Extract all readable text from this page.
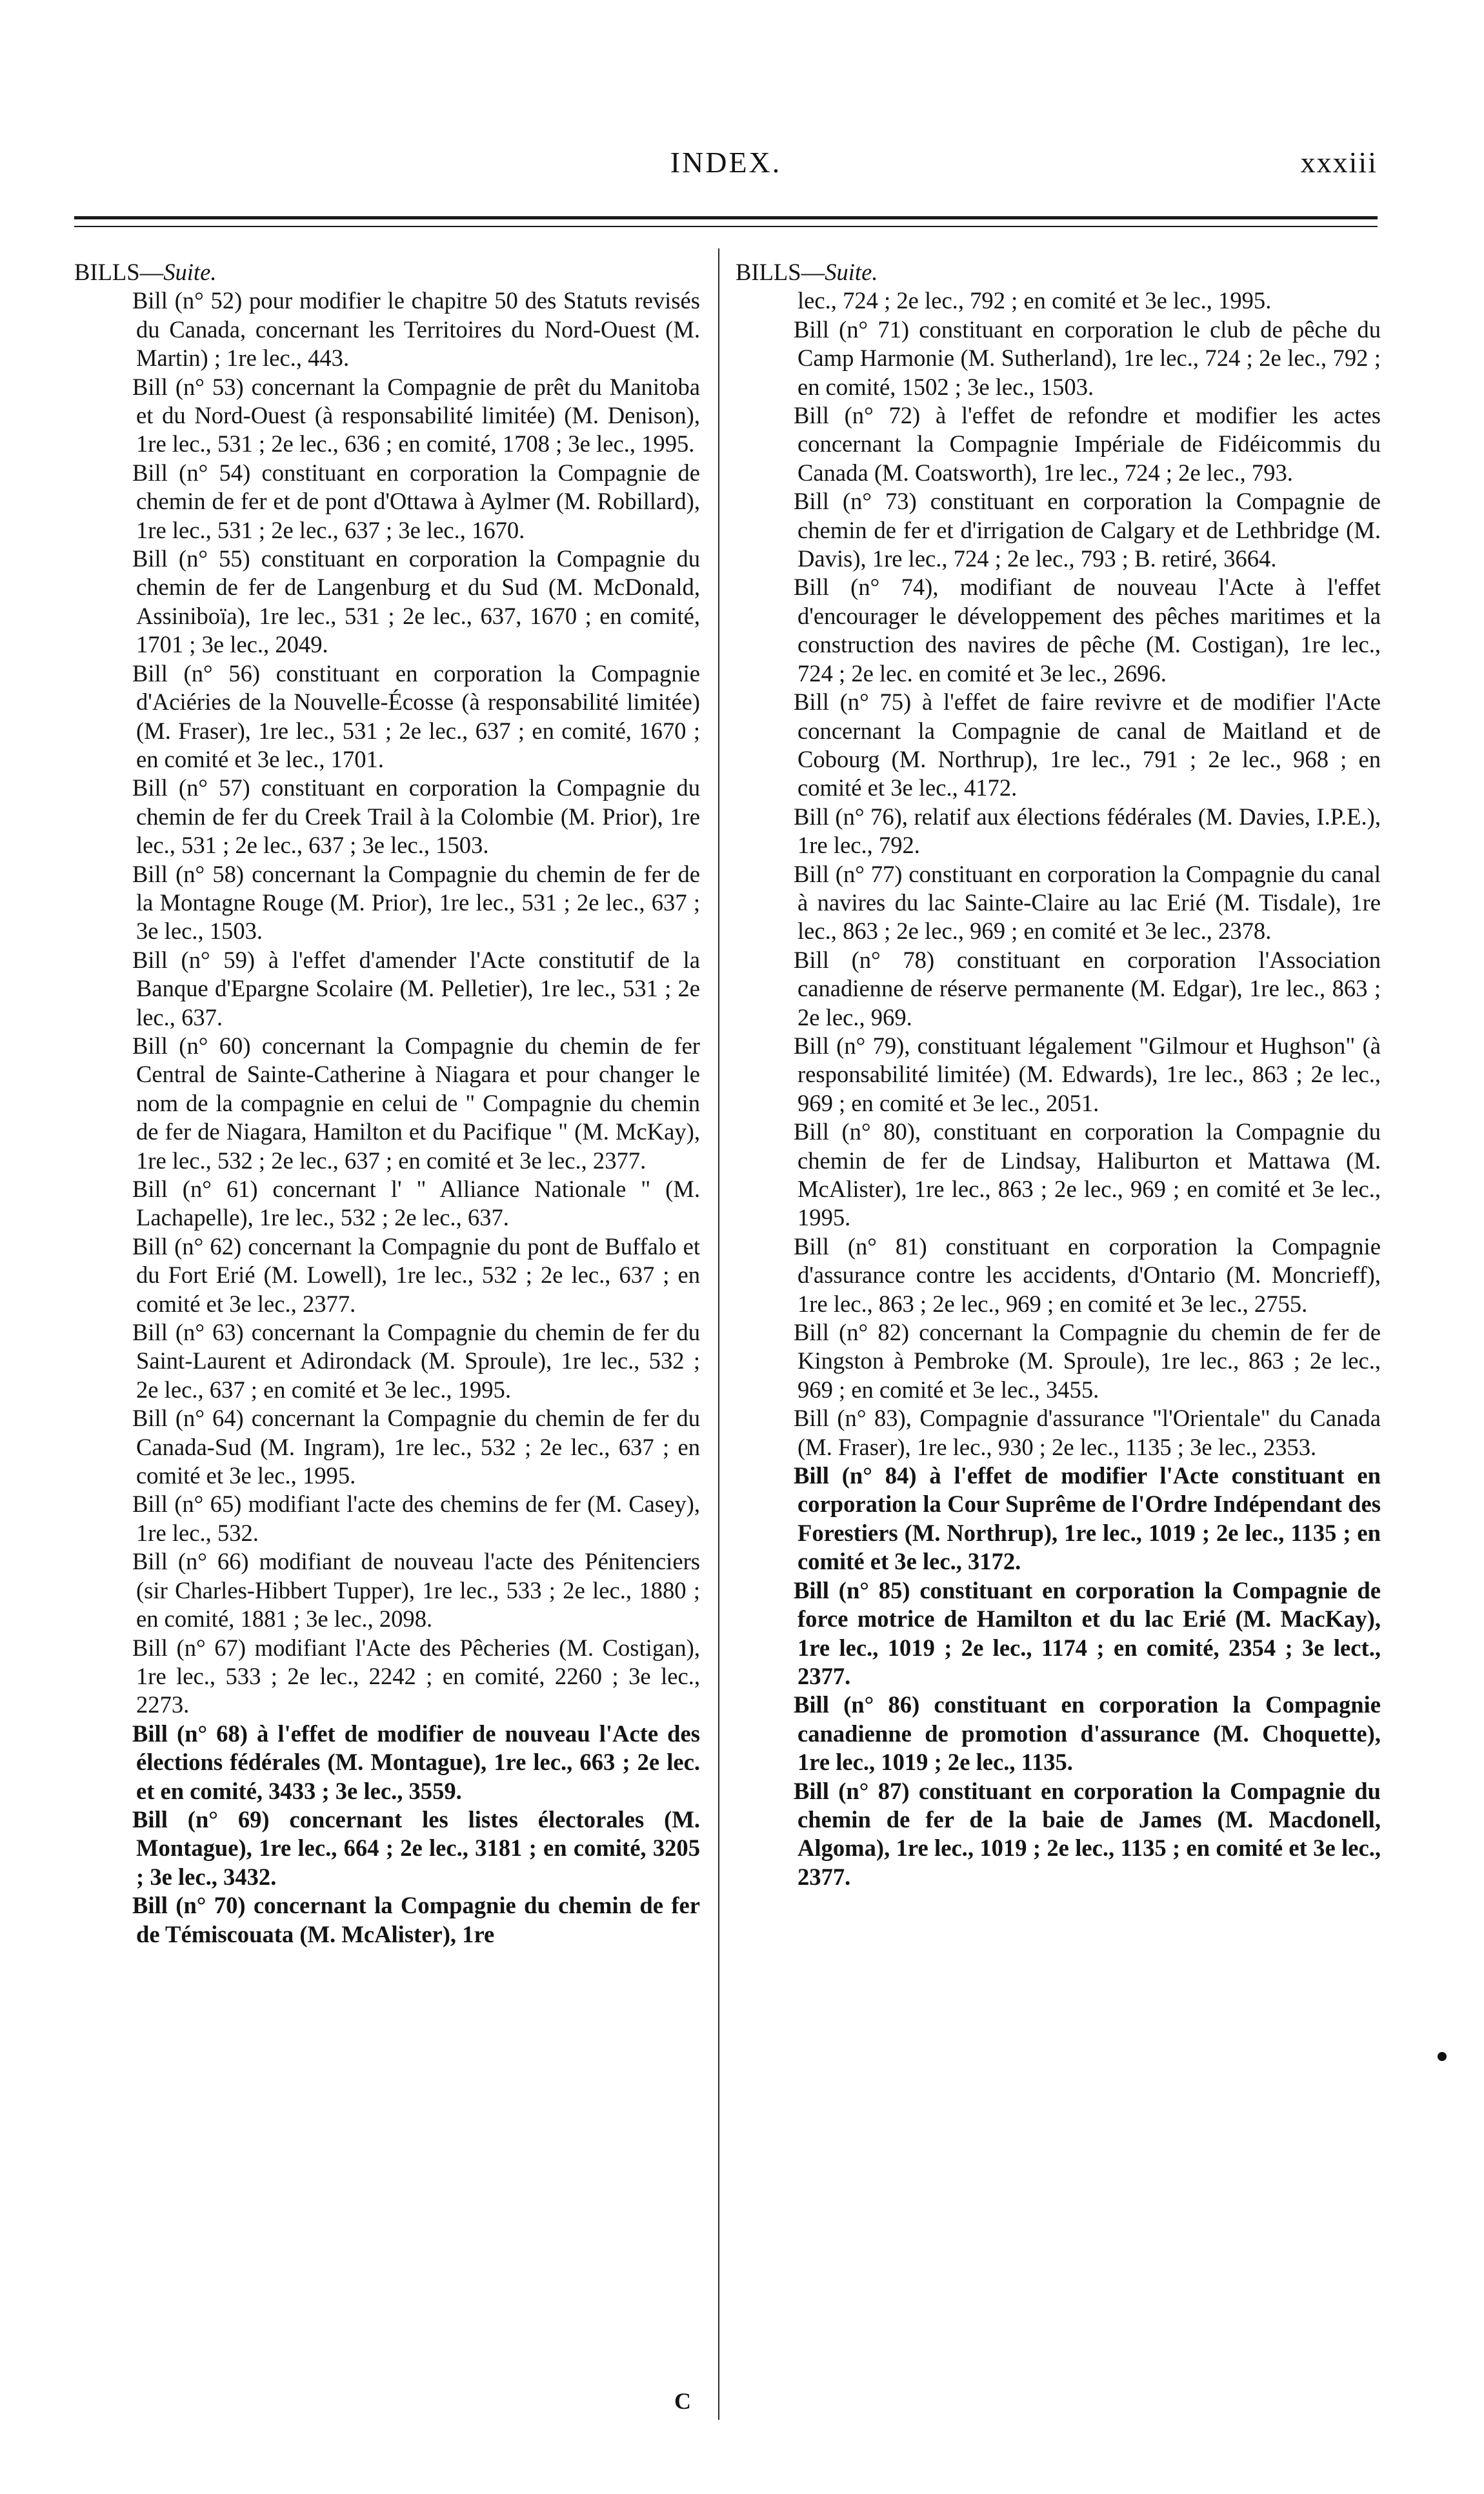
INDEX.	xxxiii

BILLS—Suite.

Bill (n° 52) pour modifier le chapitre 50 des Statuts revisés du Canada, concernant les Territoires du Nord-Ouest (M. Martin) ; 1re lec., 443.

Bill (n° 53) concernant la Compagnie de prêt du Manitoba et du Nord-Ouest (à responsabilité limitée) (M. Denison), 1re lec., 531 ; 2e lec., 636 ; en comité, 1708 ; 3e lec., 1995.

Bill (n° 54) constituant en corporation la Compagnie de chemin de fer et de pont d'Ottawa à Aylmer (M. Robillard), 1re lec., 531 ; 2e lec., 637 ; 3e lec., 1670.

Bill (n° 55) constituant en corporation la Compagnie du chemin de fer de Langenburg et du Sud (M. McDonald, Assiniboïa), 1re lec., 531 ; 2e lec., 637, 1670 ; en comité, 1701 ; 3e lec., 2049.

Bill (n° 56) constituant en corporation la Compagnie d'Aciéries de la Nouvelle-Écosse (à responsabilité limitée) (M. Fraser), 1re lec., 531 ; 2e lec., 637 ; en comité, 1670 ; en comité et 3e lec., 1701.

Bill (n° 57) constituant en corporation la Compagnie du chemin de fer du Creek Trail à la Colombie (M. Prior), 1re lec., 531 ; 2e lec., 637 ; 3e lec., 1503.

Bill (n° 58) concernant la Compagnie du chemin de fer de la Montagne Rouge (M. Prior), 1re lec., 531 ; 2e lec., 637 ; 3e lec., 1503.

Bill (n° 59) à l'effet d'amender l'Acte constitutif de la Banque d'Epargne Scolaire (M. Pelletier), 1re lec., 531 ; 2e lec., 637.

Bill (n° 60) concernant la Compagnie du chemin de fer Central de Sainte-Catherine à Niagara et pour changer le nom de la compagnie en celui de " Compagnie du chemin de fer de Niagara, Hamilton et du Pacifique " (M. McKay), 1re lec., 532 ; 2e lec., 637 ; en comité et 3e lec., 2377.

Bill (n° 61) concernant l' " Alliance Nationale " (M. Lachapelle), 1re lec., 532 ; 2e lec., 637.

Bill (n° 62) concernant la Compagnie du pont de Buffalo et du Fort Erié (M. Lowell), 1re lec., 532 ; 2e lec., 637 ; en comité et 3e lec., 2377.

Bill (n° 63) concernant la Compagnie du chemin de fer du Saint-Laurent et Adirondack (M. Sproule), 1re lec., 532 ; 2e lec., 637 ; en comité et 3e lec., 1995.

Bill (n° 64) concernant la Compagnie du chemin de fer du Canada-Sud (M. Ingram), 1re lec., 532 ; 2e lec., 637 ; en comité et 3e lec., 1995.

Bill (n° 65) modifiant l'acte des chemins de fer (M. Casey), 1re lec., 532.

Bill (n° 66) modifiant de nouveau l'acte des Pénitenciers (sir Charles-Hibbert Tupper), 1re lec., 533 ; 2e lec., 1880 ; en comité, 1881 ; 3e lec., 2098.

Bill (n° 67) modifiant l'Acte des Pêcheries (M. Costigan), 1re lec., 533 ; 2e lec., 2242 ; en comité, 2260 ; 3e lec., 2273.

Bill (n° 68) à l'effet de modifier de nouveau l'Acte des élections fédérales (M. Montague), 1re lec., 663 ; 2e lec. et en comité, 3433 ; 3e lec., 3559.

Bill (n° 69) concernant les listes électorales (M. Montague), 1re lec., 664 ; 2e lec., 3181 ; en comité, 3205 ; 3e lec., 3432.

Bill (n° 70) concernant la Compagnie du chemin de fer de Témiscouata (M. McAlister), 1re

BILLS—Suite.

lec., 724 ; 2e lec., 792 ; en comité et 3e lec., 1995.

Bill (n° 71) constituant en corporation le club de pêche du Camp Harmonie (M. Sutherland), 1re lec., 724 ; 2e lec., 792 ; en comité, 1502 ; 3e lec., 1503.

Bill (n° 72) à l'effet de refondre et modifier les actes concernant la Compagnie Impériale de Fidéicommis du Canada (M. Coatsworth), 1re lec., 724 ; 2e lec., 793.

Bill (n° 73) constituant en corporation la Compagnie de chemin de fer et d'irrigation de Calgary et de Lethbridge (M. Davis), 1re lec., 724 ; 2e lec., 793 ; B. retiré, 3664.

Bill (n° 74), modifiant de nouveau l'Acte à l'effet d'encourager le développement des pêches maritimes et la construction des navires de pêche (M. Costigan), 1re lec., 724 ; 2e lec. en comité et 3e lec., 2696.

Bill (n° 75) à l'effet de faire revivre et de modifier l'Acte concernant la Compagnie de canal de Maitland et de Cobourg (M. Northrup), 1re lec., 791 ; 2e lec., 968 ; en comité et 3e lec., 4172.

Bill (n° 76), relatif aux élections fédérales (M. Davies, I.P.E.), 1re lec., 792.

Bill (n° 77) constituant en corporation la Compagnie du canal à navires du lac Sainte-Claire au lac Erié (M. Tisdale), 1re lec., 863 ; 2e lec., 969 ; en comité et 3e lec., 2378.

Bill (n° 78) constituant en corporation l'Association canadienne de réserve permanente (M. Edgar), 1re lec., 863 ; 2e lec., 969.

Bill (n° 79), constituant légalement "Gilmour et Hughson" (à responsabilité limitée) (M. Edwards), 1re lec., 863 ; 2e lec., 969 ; en comité et 3e lec., 2051.

Bill (n° 80), constituant en corporation la Compagnie du chemin de fer de Lindsay, Haliburton et Mattawa (M. McAlister), 1re lec., 863 ; 2e lec., 969 ; en comité et 3e lec., 1995.

Bill (n° 81) constituant en corporation la Compagnie d'assurance contre les accidents, d'Ontario (M. Moncrieff), 1re lec., 863 ; 2e lec., 969 ; en comité et 3e lec., 2755.

Bill (n° 82) concernant la Compagnie du chemin de fer de Kingston à Pembroke (M. Sproule), 1re lec., 863 ; 2e lec., 969 ; en comité et 3e lec., 3455.

Bill (n° 83), Compagnie d'assurance "l'Orientale" du Canada (M. Fraser), 1re lec., 930 ; 2e lec., 1135 ; 3e lec., 2353.

Bill (n° 84) à l'effet de modifier l'Acte constituant en corporation la Cour Suprême de l'Ordre Indépendant des Forestiers (M. Northrup), 1re lec., 1019 ; 2e lec., 1135 ; en comité et 3e lec., 3172.

Bill (n° 85) constituant en corporation la Compagnie de force motrice de Hamilton et du lac Erié (M. MacKay), 1re lec., 1019 ; 2e lec., 1174 ; en comité, 2354 ; 3e lect., 2377.

Bill (n° 86) constituant en corporation la Compagnie canadienne de promotion d'assurance (M. Choquette), 1re lec., 1019 ; 2e lec., 1135.

Bill (n° 87) constituant en corporation la Compagnie du chemin de fer de la baie de James (M. Macdonell, Algoma), 1re lec., 1019 ; 2e lec., 1135 ; en comité et 3e lec., 2377.

C
